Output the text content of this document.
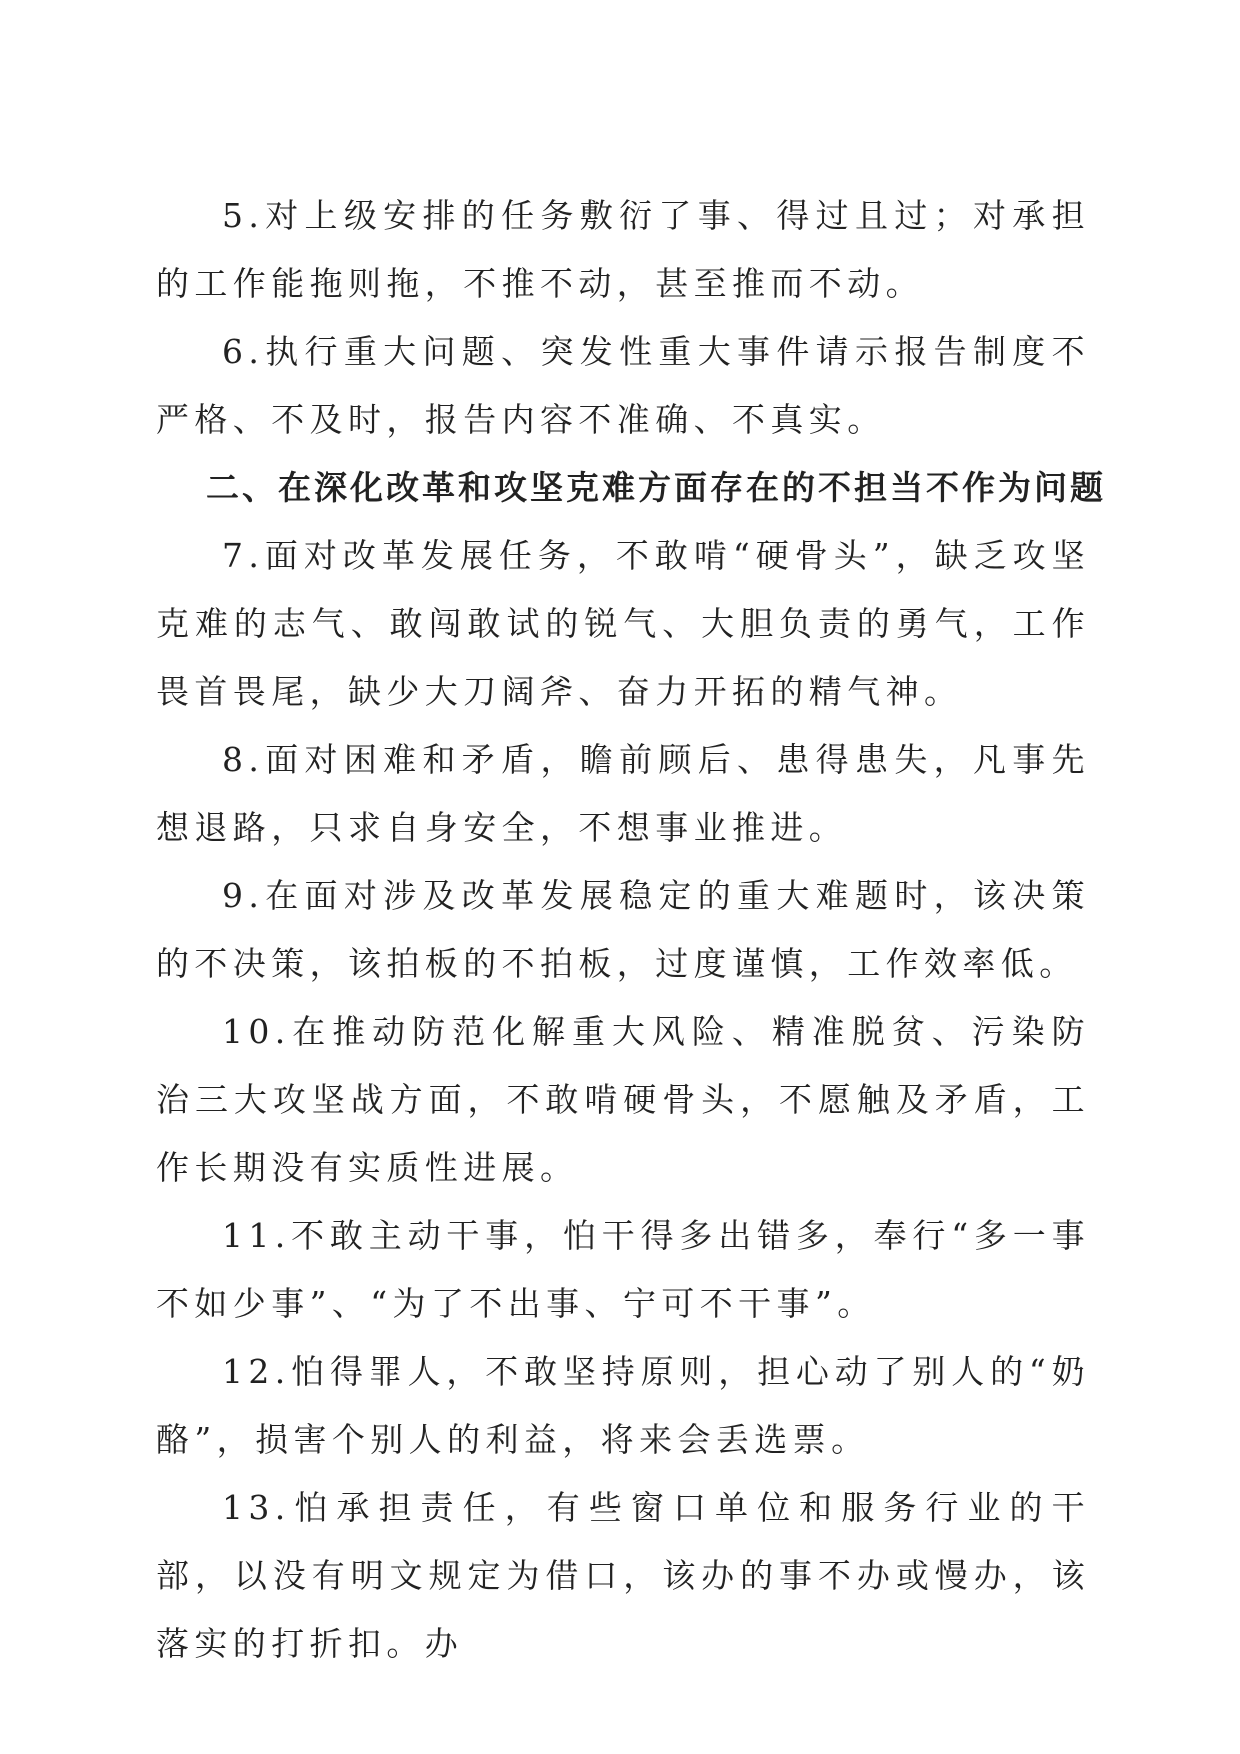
5.对上级安排的任务敷衍了事、得过且过；对承担的工作能拖则拖，不推不动，甚至推而不动。

6.执行重大问题、突发性重大事件请示报告制度不严格、不及时，报告内容不准确、不真实。

二、在深化改革和攻坚克难方面存在的不担当不作为问题

7.面对改革发展任务，不敢啃“硬骨头”，缺乏攻坚克难的志气、敢闯敢试的锐气、大胆负责的勇气，工作畏首畏尾，缺少大刀阔斧、奋力开拓的精气神。

8.面对困难和矛盾，瞻前顾后、患得患失，凡事先想退路，只求自身安全，不想事业推进。

9.在面对涉及改革发展稳定的重大难题时，该决策的不决策，该拍板的不拍板，过度谨慎，工作效率低。

10.在推动防范化解重大风险、精准脱贫、污染防治三大攻坚战方面，不敢啃硬骨头，不愿触及矛盾，工作长期没有实质性进展。

11.不敢主动干事，怕干得多出错多，奉行“多一事不如少事”、“为了不出事、宁可不干事”。

12.怕得罪人，不敢坚持原则，担心动了别人的“奶酪”，损害个别人的利益，将来会丢选票。

13.怕承担责任，有些窗口单位和服务行业的干部，以没有明文规定为借口，该办的事不办或慢办，该落实的打折扣。办
